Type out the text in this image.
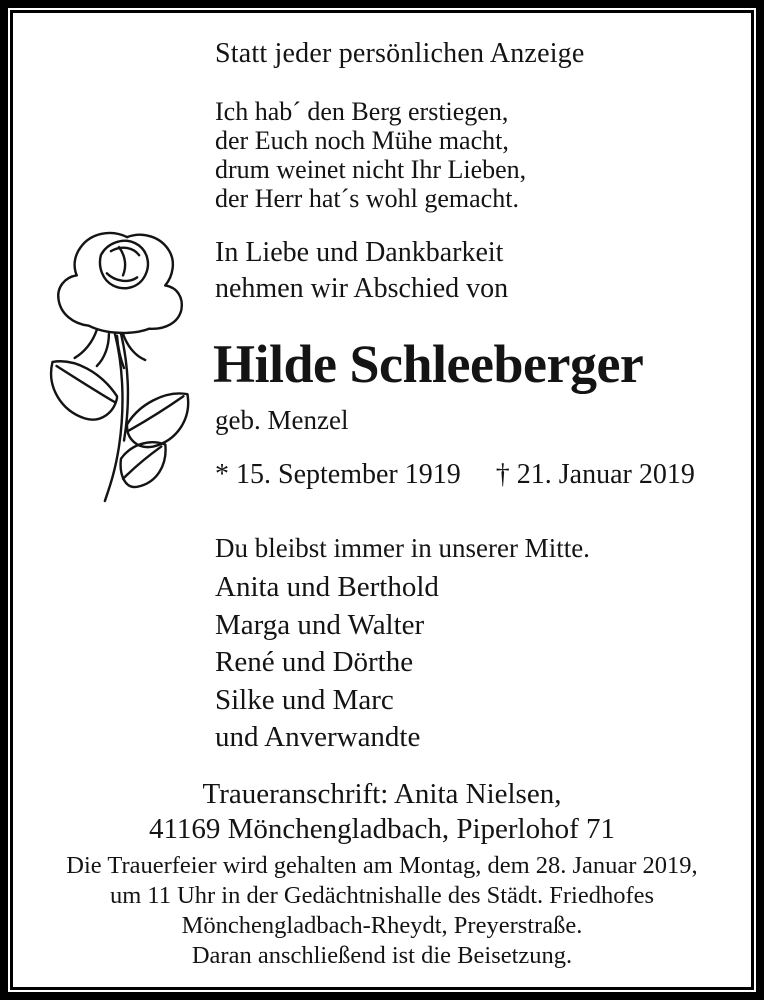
Statt jeder persönlichen Anzeige
Ich hab´ den Berg erstiegen,
der Euch noch Mühe macht,
drum weinet nicht Ihr Lieben,
der Herr hat´s wohl gemacht.
In Liebe und Dankbarkeit
nehmen wir Abschied von
Hilde Schleeberger
geb. Menzel
* 15. September 1919 † 21. Januar 2019
Du bleibst immer in unserer Mitte.
Anita und Berthold
Marga und Walter
René und Dörthe
Silke und Marc
und Anverwandte
Traueranschrift: Anita Nielsen,
41169 Mönchengladbach, Piperlohof 71
Die Trauerfeier wird gehalten am Montag, dem 28. Januar 2019,
um 11 Uhr in der Gedächtnishalle des Städt. Friedhofes
Mönchengladbach-Rheydt, Preyerstraße.
Daran anschließend ist die Beisetzung.
